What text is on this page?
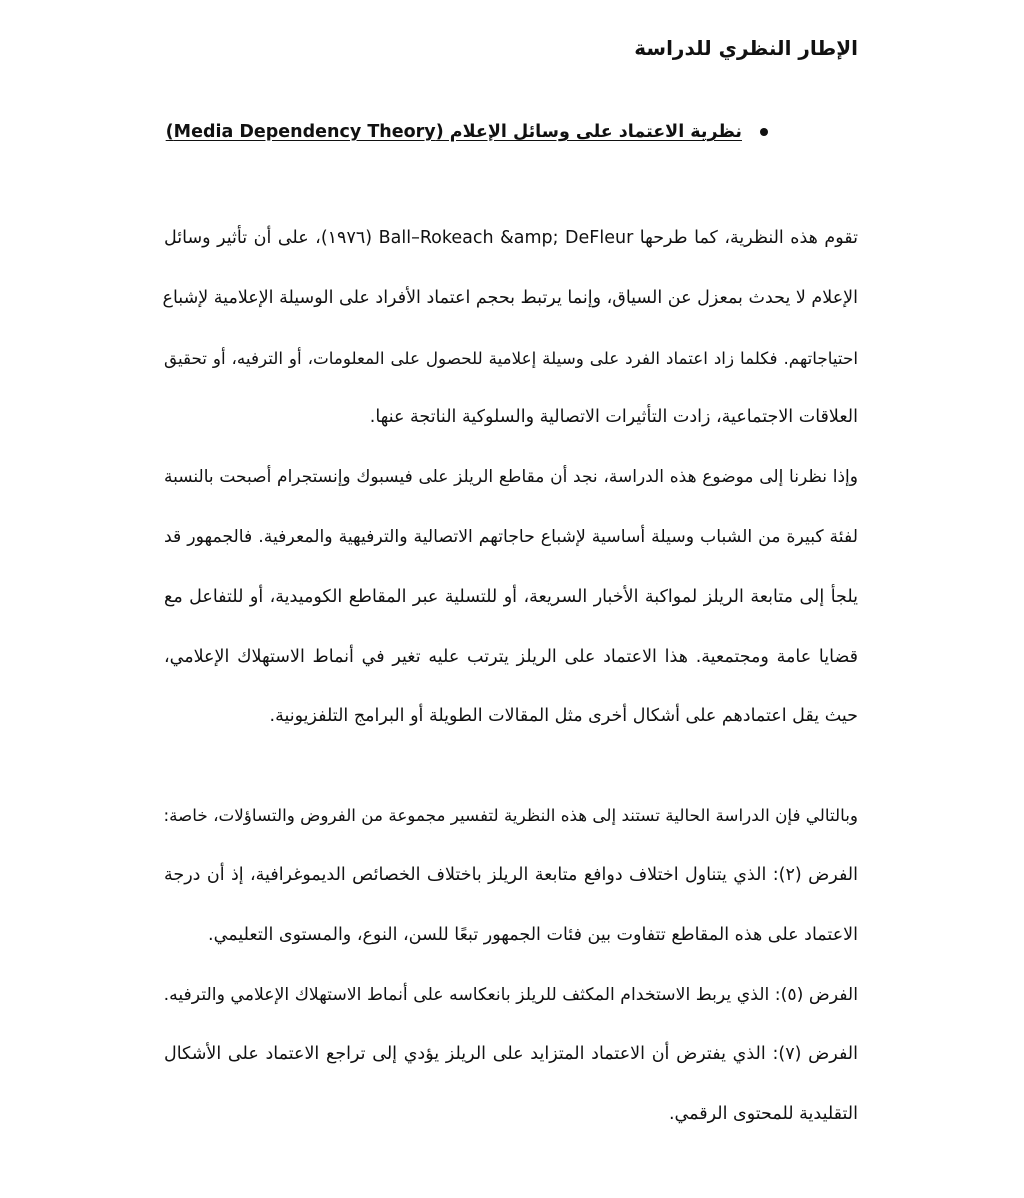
الإطار النظري للدراسة
نظرية الاعتماد على وسائل الإعلام (Media Dependency Theory)
تقوم هذه النظرية، كما طرحها Ball–Rokeach &amp; DeFleur (١٩٧٦)، على أن تأثير وسائل
الإعلام لا يحدث بمعزل عن السياق، وإنما يرتبط بحجم اعتماد الأفراد على الوسيلة الإعلامية لإشباع
احتياجاتهم. فكلما زاد اعتماد الفرد على وسيلة إعلامية للحصول على المعلومات، أو الترفيه، أو تحقيق
العلاقات الاجتماعية، زادت التأثيرات الاتصالية والسلوكية الناتجة عنها.
وإذا نظرنا إلى موضوع هذه الدراسة، نجد أن مقاطع الريلز على فيسبوك وإنستجرام أصبحت بالنسبة
لفئة كبيرة من الشباب وسيلة أساسية لإشباع حاجاتهم الاتصالية والترفيهية والمعرفية. فالجمهور قد
يلجأ إلى متابعة الريلز لمواكبة الأخبار السريعة، أو للتسلية عبر المقاطع الكوميدية، أو للتفاعل مع
قضايا عامة ومجتمعية. هذا الاعتماد على الريلز يترتب عليه تغير في أنماط الاستهلاك الإعلامي،
حيث يقل اعتمادهم على أشكال أخرى مثل المقالات الطويلة أو البرامج التلفزيونية.
وبالتالي فإن الدراسة الحالية تستند إلى هذه النظرية لتفسير مجموعة من الفروض والتساؤلات، خاصة:
الفرض (٢): الذي يتناول اختلاف دوافع متابعة الريلز باختلاف الخصائص الديموغرافية، إذ أن درجة
الاعتماد على هذه المقاطع تتفاوت بين فئات الجمهور تبعًا للسن، النوع، والمستوى التعليمي.
الفرض (٥): الذي يربط الاستخدام المكثف للريلز بانعكاسه على أنماط الاستهلاك الإعلامي والترفيه.
الفرض (٧): الذي يفترض أن الاعتماد المتزايد على الريلز يؤدي إلى تراجع الاعتماد على الأشكال
التقليدية للمحتوى الرقمي.
